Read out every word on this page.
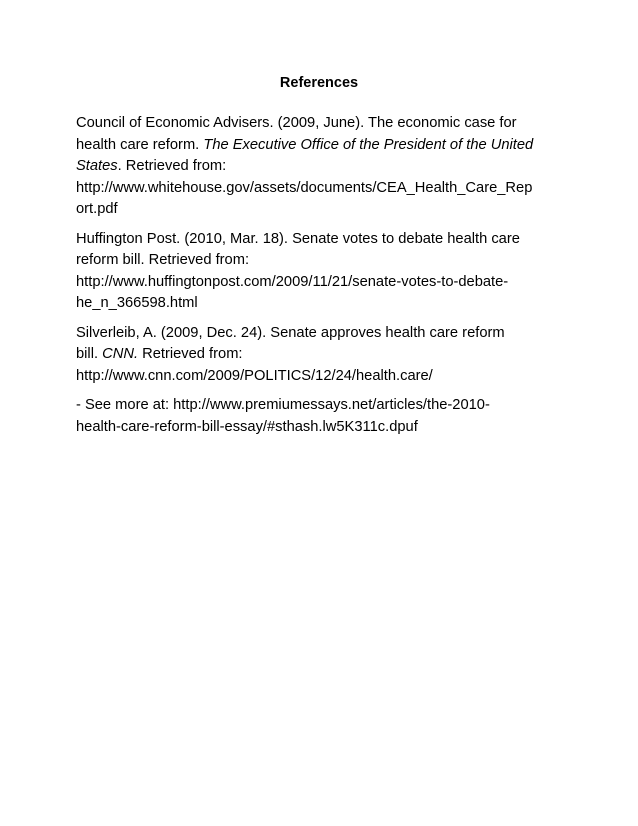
References
Council of Economic Advisers. (2009, June). The economic case for
health care reform. The Executive Office of the President of the United
States. Retrieved from:
http://www.whitehouse.gov/assets/documents/CEA_Health_Care_Rep
ort.pdf
Huffington Post. (2010, Mar. 18). Senate votes to debate health care
reform bill. Retrieved from:
http://www.huffingtonpost.com/2009/11/21/senate-votes-to-debate-
he_n_366598.html
Silverleib, A. (2009, Dec. 24). Senate approves health care reform
bill. CNN. Retrieved from:
http://www.cnn.com/2009/POLITICS/12/24/health.care/
- See more at: http://www.premiumessays.net/articles/the-2010-
health-care-reform-bill-essay/#sthash.lw5K311c.dpuf
